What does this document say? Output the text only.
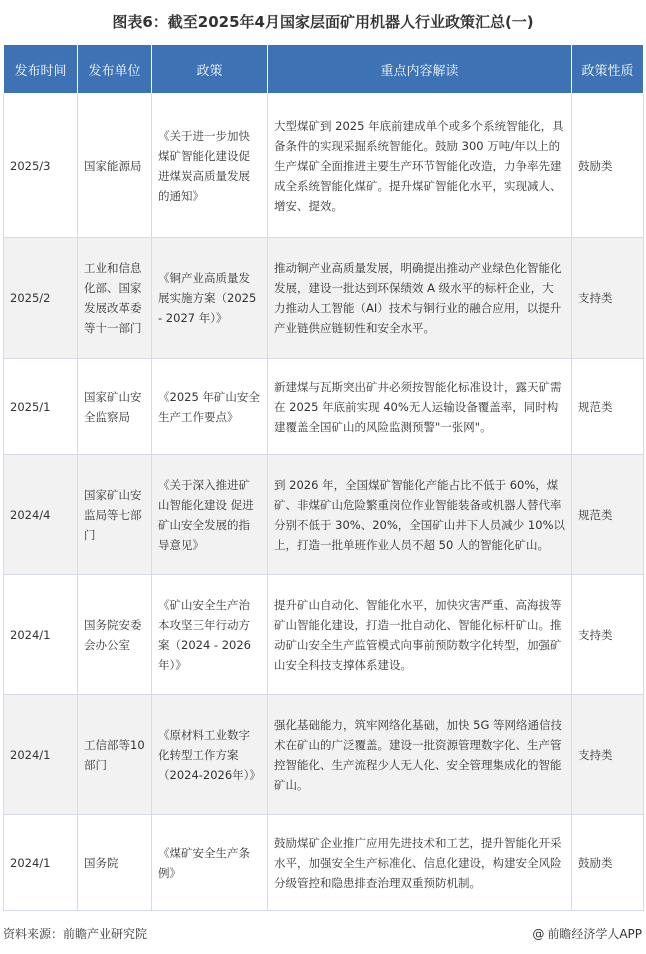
图表6：截至2025年4月国家层面矿用机器人行业政策汇总(一)
发布时间	发布单位	政策	重点内容解读	政策性质
2025/3	国家能源局	《关于进一步加快煤矿智能化建设促进煤炭高质量发展的通知》	大型煤矿到 2025 年底前建成单个或多个系统智能化，具备条件的实现采掘系统智能化。鼓励 300 万吨/年以上的生产煤矿全面推进主要生产环节智能化改造，力争率先建成全系统智能化煤矿。提升煤矿智能化水平，实现减人、增安、提效。	鼓励类
2025/2	工业和信息化部、国家发展改革委等十一部门	《铜产业高质量发展实施方案（2025 - 2027 年）》	推动铜产业高质量发展，明确提出推动产业绿色化智能化发展，建设一批达到环保绩效 A 级水平的标杆企业，大力推动人工智能（AI）技术与铜行业的融合应用，以提升产业链供应链韧性和安全水平。	支持类
2025/1	国家矿山安全监察局	《2025 年矿山安全生产工作要点》	新建煤与瓦斯突出矿井必须按智能化标准设计，露天矿需在 2025 年底前实现 40%无人运输设备覆盖率，同时构建覆盖全国矿山的风险监测预警"一张网"。	规范类
2024/4	国家矿山安监局等七部门	《关于深入推进矿山智能化建设 促进矿山安全发展的指导意见》	到 2026 年，全国煤矿智能化产能占比不低于 60%，煤矿、非煤矿山危险繁重岗位作业智能装备或机器人替代率分别不低于 30%、20%，全国矿山井下人员减少 10%以上，打造一批单班作业人员不超 50 人的智能化矿山。	规范类
2024/1	国务院安委会办公室	《矿山安全生产治本攻坚三年行动方案（2024 - 2026 年）》	提升矿山自动化、智能化水平，加快灾害严重、高海拔等矿山智能化建设，打造一批自动化、智能化标杆矿山。推动矿山安全生产监管模式向事前预防数字化转型，加强矿山安全科技支撑体系建设。	支持类
2024/1	工信部等10部门	《原材料工业数字化转型工作方案（2024-2026年）》	强化基础能力，筑牢网络化基础，加快 5G 等网络通信技术在矿山的广泛覆盖。建设一批资源管理数字化、生产管控智能化、生产流程少人无人化、安全管理集成化的智能矿山。	支持类
2024/1	国务院	《煤矿安全生产条例》	鼓励煤矿企业推广应用先进技术和工艺，提升智能化开采水平，加强安全生产标准化、信息化建设，构建安全风险分级管控和隐患排查治理双重预防机制。	鼓励类
资料来源：前瞻产业研究院	@ 前瞻经济学人APP
